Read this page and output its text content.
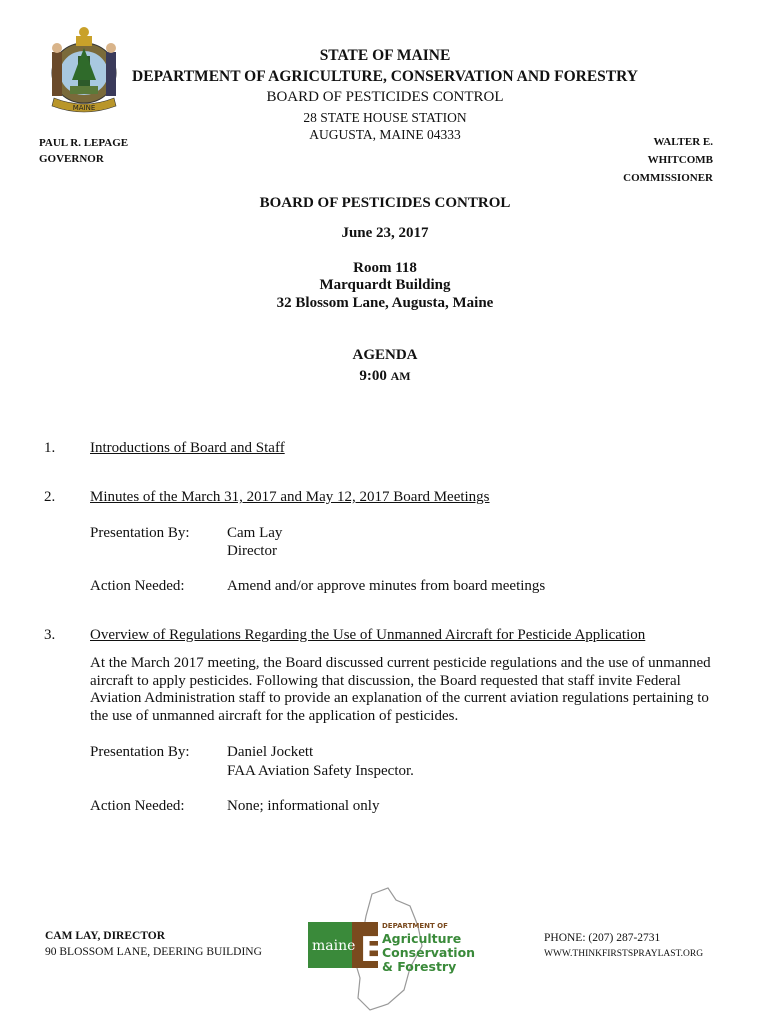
MAINE
STATE OF MAINE
DEPARTMENT OF AGRICULTURE, CONSERVATION AND FORESTRY
BOARD OF PESTICIDES CONTROL
28 STATE HOUSE STATION
AUGUSTA, MAINE 04333
PAUL R. LEPAGE
GOVERNOR
WALTER E. WHITCOMB
COMMISSIONER
BOARD OF PESTICIDES CONTROL
June 23, 2017
Room 118
Marquardt Building
32 Blossom Lane, Augusta, Maine
AGENDA
9:00 AM
1. Introductions of Board and Staff
2. Minutes of the March 31, 2017 and May 12, 2017 Board Meetings
Presentation By: Cam Lay
Director
Action Needed:	Amend and/or approve minutes from board meetings
3. Overview of Regulations Regarding the Use of Unmanned Aircraft for Pesticide Application
At the March 2017 meeting, the Board discussed current pesticide regulations and the use of unmanned aircraft to apply pesticides. Following that discussion, the Board requested that staff invite Federal Aviation Administration staff to provide an explanation of the current aviation regulations pertaining to the use of unmanned aircraft for the application of pesticides.
Presentation By: Daniel Jockett
FAA Aviation Safety Inspector.
Action Needed:	None; informational only
CAM LAY, DIRECTOR
90 BLOSSOM LANE, DEERING BUILDING	E
maine
DEPARTMENT OF
Agriculture
Conservation
& Forestry
PHONE: (207) 287-2731
WWW.THINKFIRSTSPRAYLAST.ORG
